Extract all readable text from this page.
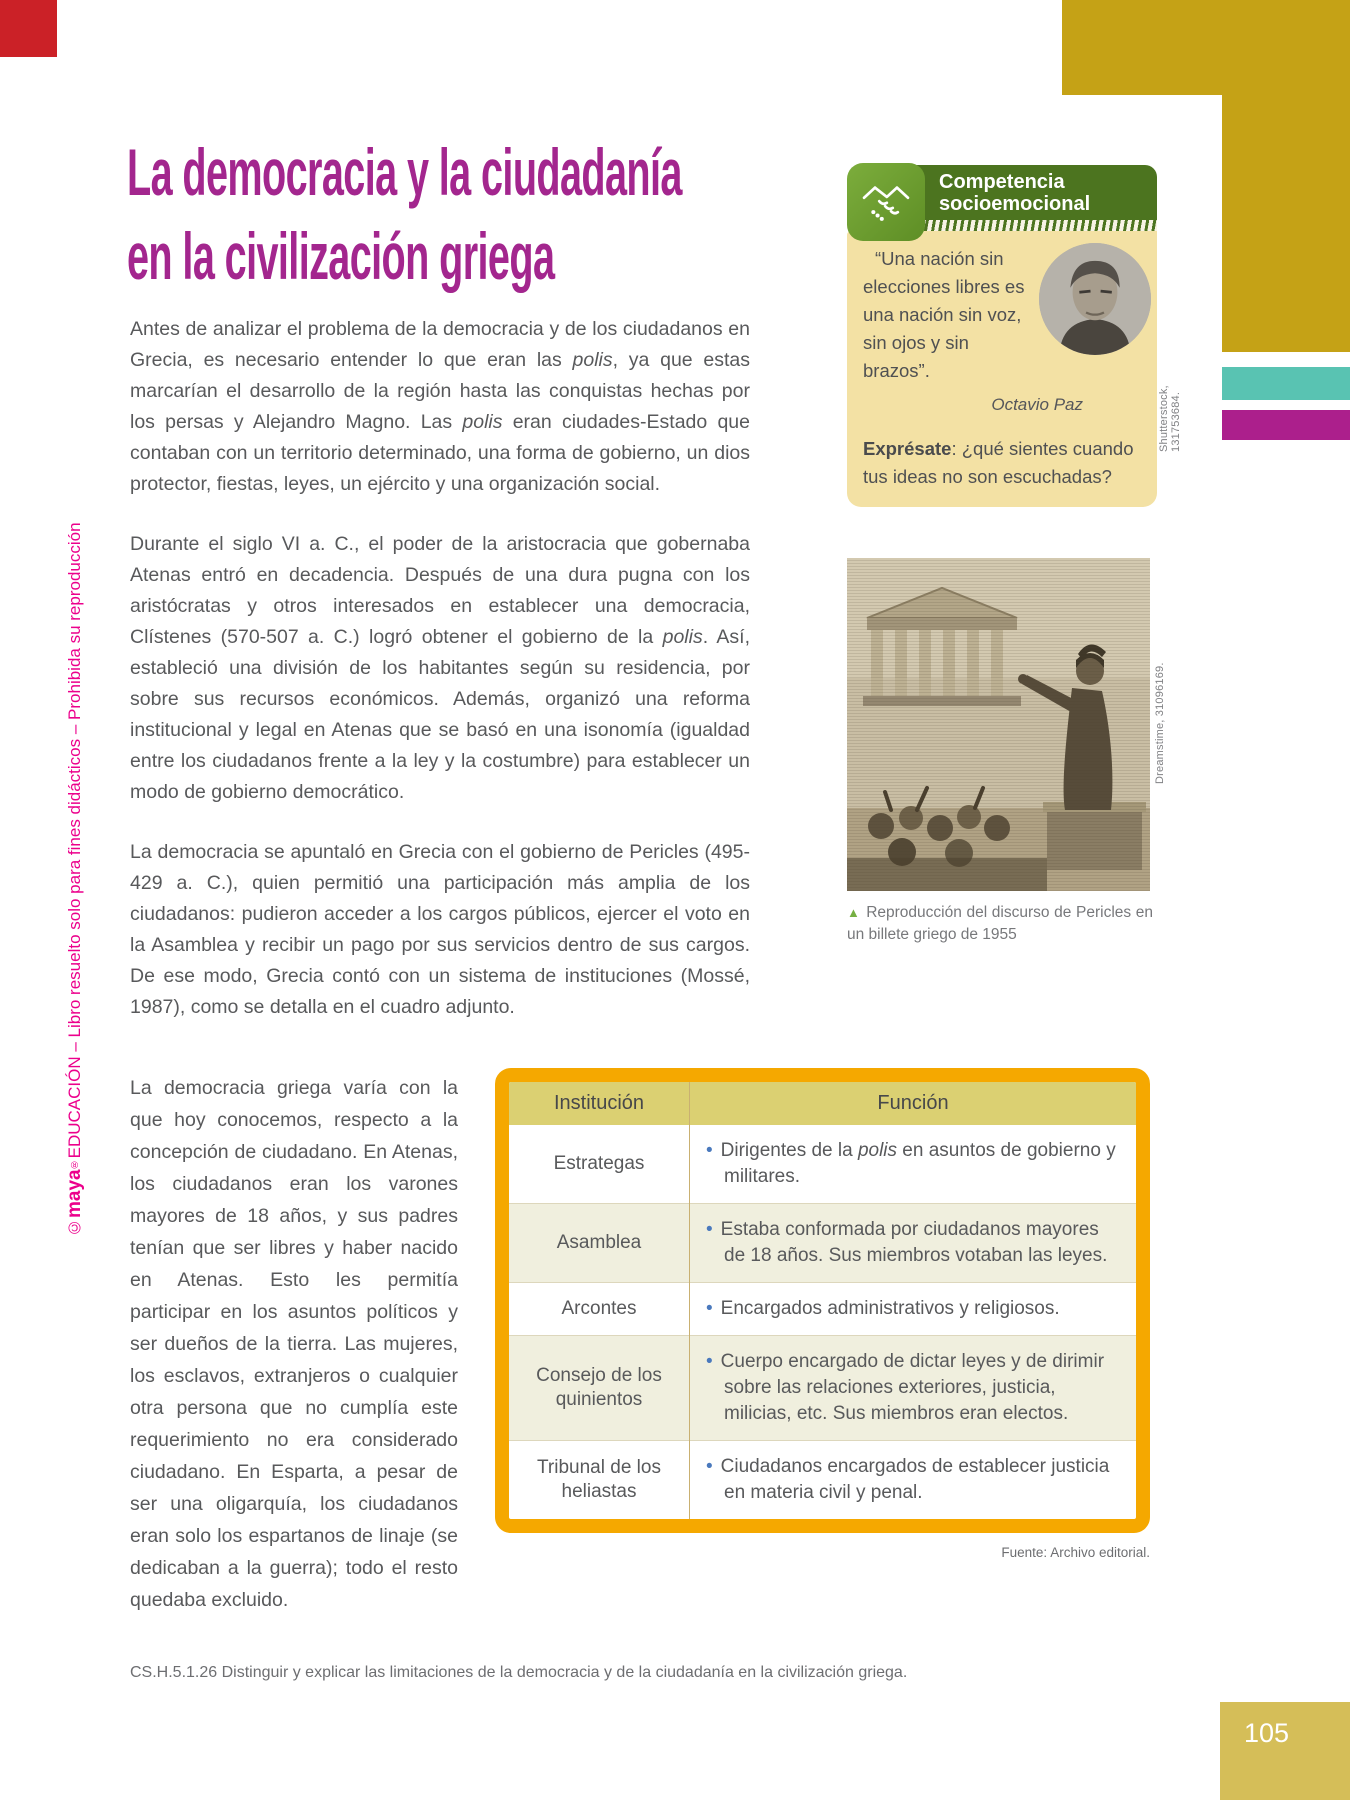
©maya®EDUCACIÓN – Libro resuelto solo para fines didácticos – Prohibida su reproducción
La democracia y la ciudadanía
en la civilización griega

Antes de analizar el problema de la democracia y de los ciudadanos en Grecia, es necesario entender lo que eran las polis, ya que estas marcarían el desarrollo de la región hasta las conquistas hechas por los persas y Alejandro Magno. Las polis eran ciudades-Estado que contaban con un territorio determinado, una forma de gobierno, un dios protector, fiestas, leyes, un ejército y una organización social.

Durante el siglo VI a. C., el poder de la aristocracia que gobernaba Atenas entró en decadencia. Después de una dura pugna con los aristócratas y otros interesados en establecer una democracia, Clístenes (570-507 a. C.) logró obtener el gobierno de la polis. Así, estableció una división de los habitantes según su residencia, por sobre sus recursos económicos. Además, organizó una reforma institucional y legal en Atenas que se basó en una isonomía (igualdad entre los ciudadanos frente a la ley y la costumbre) para establecer un modo de gobierno democrático.

La democracia se apuntaló en Grecia con el gobierno de Pericles (495-429 a. C.), quien permitió una participación más amplia de los ciudadanos: pudieron acceder a los cargos públicos, ejercer el voto en la Asamblea y recibir un pago por sus servicios dentro de sus cargos. De ese modo, Grecia contó con un sistema de instituciones (Mossé, 1987), como se detalla en el cuadro adjunto.

La democracia griega varía con la que hoy conocemos, respecto a la concepción de ciudadano. En Atenas, los ciudadanos eran los varones mayores de 18 años, y sus padres tenían que ser libres y haber nacido en Atenas. Esto les permitía participar en los asuntos políticos y ser dueños de la tierra. Las mujeres, los esclavos, extranjeros o cualquier otra persona que no cumplía este requerimiento no era considerado ciudadano. En Esparta, a pesar de ser una oligarquía, los ciudadanos eran solo los espartanos de linaje (se dedicaban a la guerra); todo el resto quedaba excluido.
Competencia
socioemocional

“Una nación sin elecciones libres es una nación sin voz, sin ojos y sin brazos”.

Octavio Paz

Exprésate: ¿qué sientes cuando tus ideas no son escuchadas?

Shutterstock, 131753684.
Dreamstime, 31096169.
▲ Reproducción del discurso de Pericles en un billete griego de 1955
Institución	Función
Estrategas	• Dirigentes de la polis en asuntos de gobierno y militares.

Asamblea	• Estaba conformada por ciudadanos mayores de 18 años. Sus miembros votaban las leyes.

Arcontes	• Encargados administrativos y religiosos.

Consejo de los quinientos	• Cuerpo encargado de dictar leyes y de dirimir sobre las relaciones exteriores, justicia, milicias, etc. Sus miembros eran electos.

Tribunal de los heliastas	• Ciudadanos encargados de establecer justicia en materia civil y penal.
Fuente: Archivo editorial.
CS.H.5.1.26 Distinguir y explicar las limitaciones de la democracia y de la ciudadanía en la civilización griega.
105
